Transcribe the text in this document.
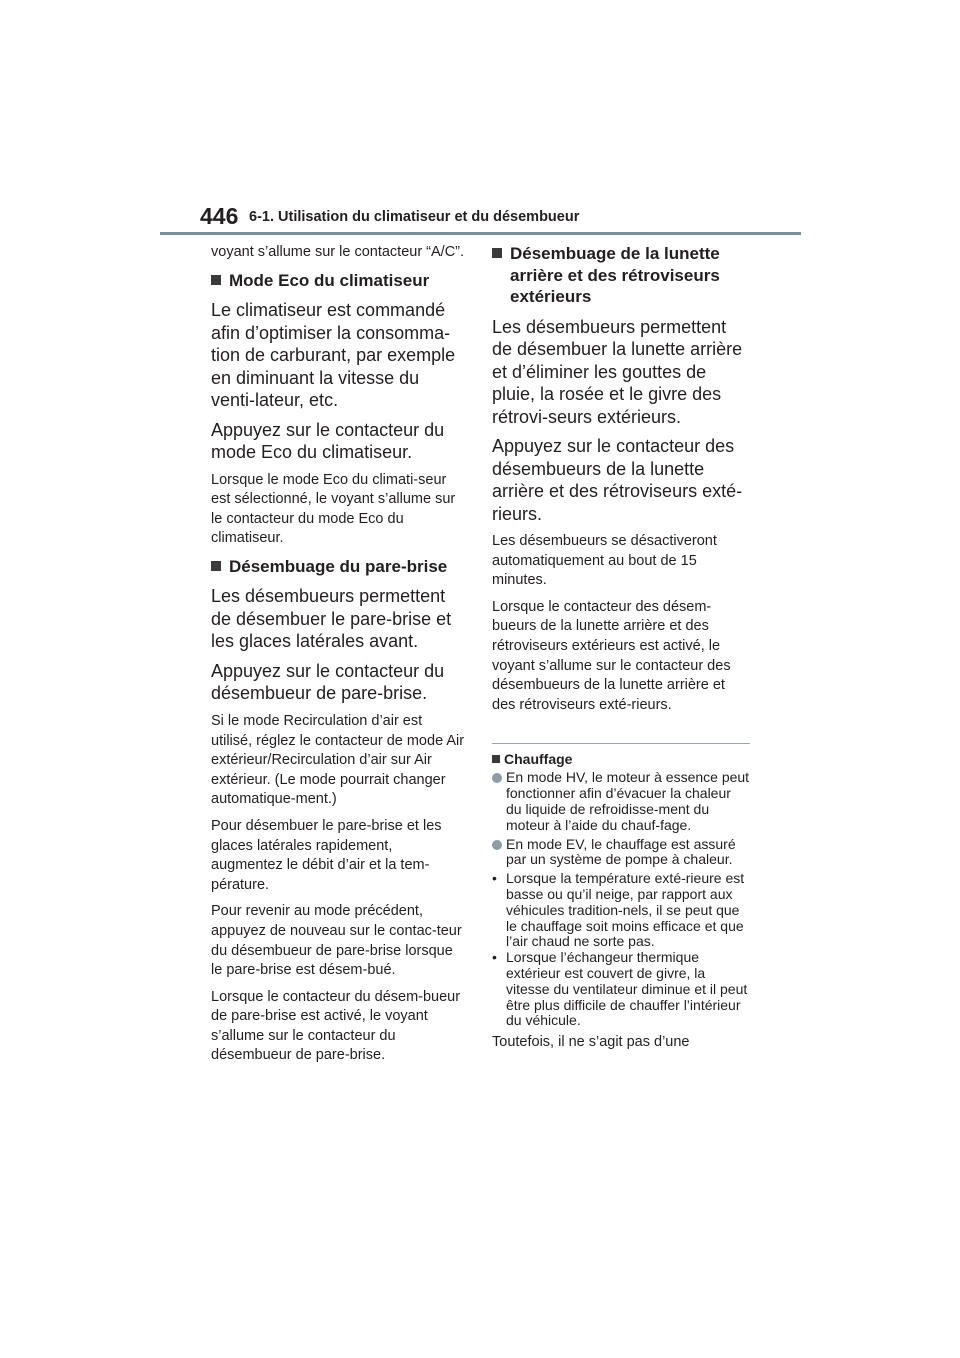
446 6-1. Utilisation du climatiseur et du désembueur

voyant s’allume sur le contacteur “A/C”.

Mode Eco du climatiseur

Le climatiseur est commandé afin d’optimiser la consomma-tion de carburant, par exemple en diminuant la vitesse du venti-lateur, etc.

Appuyez sur le contacteur du mode Eco du climatiseur.

Lorsque le mode Eco du climati-seur est sélectionné, le voyant s’allume sur le contacteur du mode Eco du climatiseur.

Désembuage du pare-brise

Les désembueurs permettent de désembuer le pare-brise et les glaces latérales avant.

Appuyez sur le contacteur du désembueur de pare-brise.

Si le mode Recirculation d’air est utilisé, réglez le contacteur de mode Air extérieur/Recirculation d’air sur Air extérieur. (Le mode pourrait changer automatique-ment.)

Pour désembuer le pare-brise et les glaces latérales rapidement, augmentez le débit d’air et la tem-pérature.

Pour revenir au mode précédent, appuyez de nouveau sur le contac-teur du désembueur de pare-brise lorsque le pare-brise est désem-bué.

Lorsque le contacteur du désem-bueur de pare-brise est activé, le voyant s’allume sur le contacteur du désembueur de pare-brise.

Désembuage de la lunette arrière et des rétroviseurs extérieurs

Les désembueurs permettent de désembuer la lunette arrière et d’éliminer les gouttes de pluie, la rosée et le givre des rétrovi-seurs extérieurs.

Appuyez sur le contacteur des désembueurs de la lunette arrière et des rétroviseurs exté-rieurs.

Les désembueurs se désactiveront automatiquement au bout de 15 minutes.

Lorsque le contacteur des désem-bueurs de la lunette arrière et des rétroviseurs extérieurs est activé, le voyant s’allume sur le contacteur des désembueurs de la lunette arrière et des rétroviseurs exté-rieurs.

Chauffage
En mode HV, le moteur à essence peut fonctionner afin d’évacuer la chaleur du liquide de refroidisse-ment du moteur à l’aide du chauf-fage.
En mode EV, le chauffage est assuré par un système de pompe à chaleur.
• Lorsque la température exté-rieure est basse ou qu’il neige, par rapport aux véhicules tradition-nels, il se peut que le chauffage soit moins efficace et que l’air chaud ne sorte pas.
• Lorsque l’échangeur thermique extérieur est couvert de givre, la vitesse du ventilateur diminue et il peut être plus difficile de chauffer l’intérieur du véhicule.

Toutefois, il ne s’agit pas d’une
